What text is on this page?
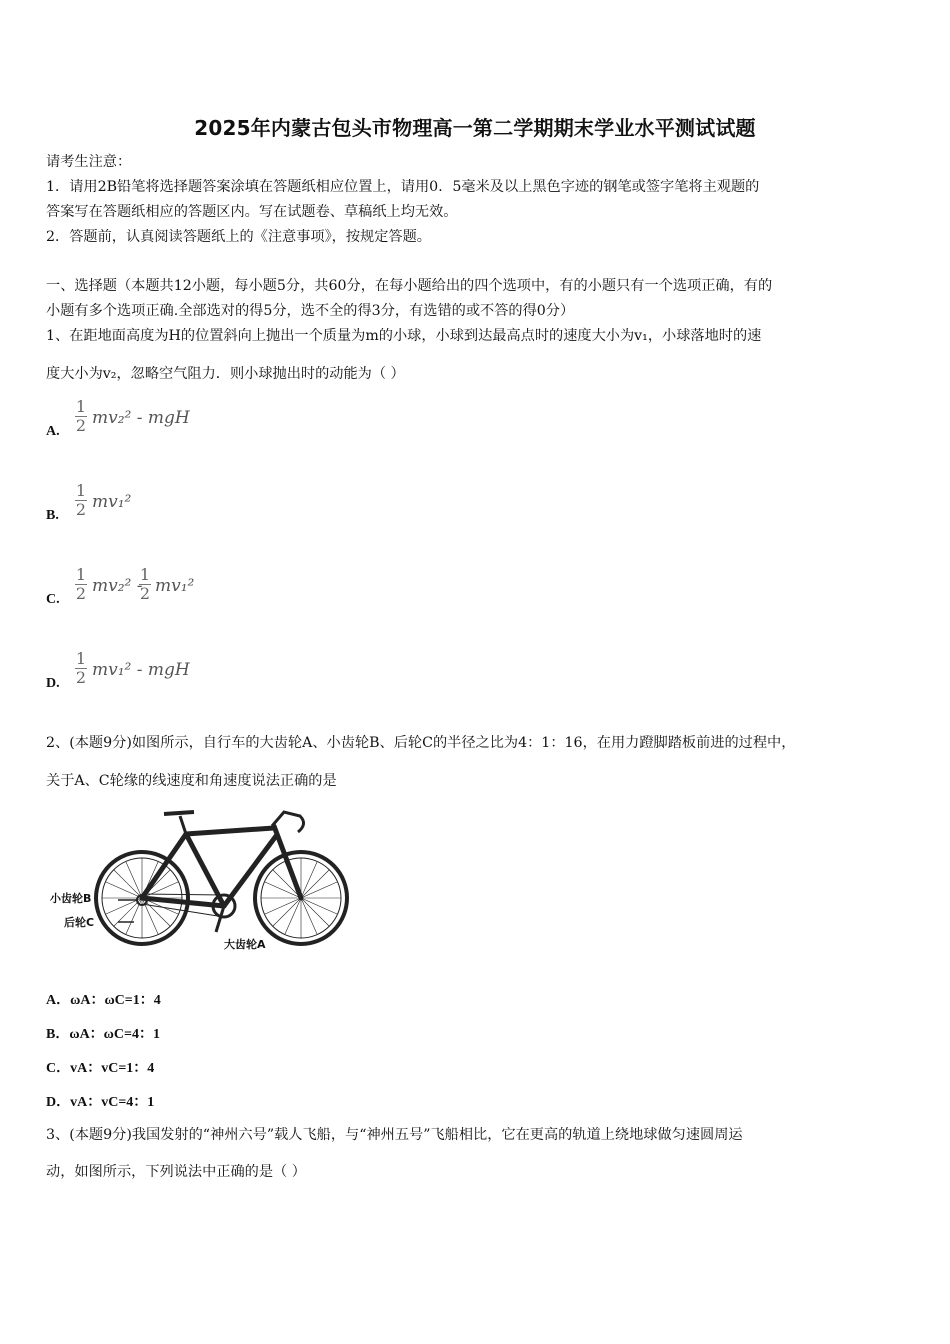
2025年内蒙古包头市物理高一第二学期期末学业水平测试试题
请考生注意：
1．请用2B铅笔将选择题答案涂填在答题纸相应位置上，请用0．5毫米及以上黑色字迹的钢笔或签字笔将主观题的
答案写在答题纸相应的答题区内。写在试题卷、草稿纸上均无效。
2．答题前，认真阅读答题纸上的《注意事项》，按规定答题。
一、选择题（本题共12小题，每小题5分，共60分，在每小题给出的四个选项中，有的小题只有一个选项正确，有的
小题有多个选项正确.全部选对的得5分，选不全的得3分，有选错的或不答的得0分）
1、在距地面高度为H的位置斜向上抛出一个质量为m的小球，小球到达最高点时的速度大小为v₁，小球落地时的速
度大小为v₂，忽略空气阻力．则小球抛出时的动能为（ ）
A.
1
2 mv₂² - mgH
B.
1
2 mv₁²
C.
1
2 mv₂² -
1
2 mv₁²
D.
1
2 mv₁² - mgH
2、(本题9分)如图所示，自行车的大齿轮A、小齿轮B、后轮C的半径之比为4：1：16，在用力蹬脚踏板前进的过程中，
关于A、C轮缘的线速度和角速度说法正确的是
小齿轮B
后轮C
大齿轮A
A．ωA：ωC=1：4
B．ωA：ωC=4：1
C．vA：vC=1：4
D．vA：vC=4：1
3、(本题9分)我国发射的“神州六号”载人飞船，与“神州五号”飞船相比，它在更高的轨道上绕地球做匀速圆周运
动，如图所示，下列说法中正确的是（ ）
